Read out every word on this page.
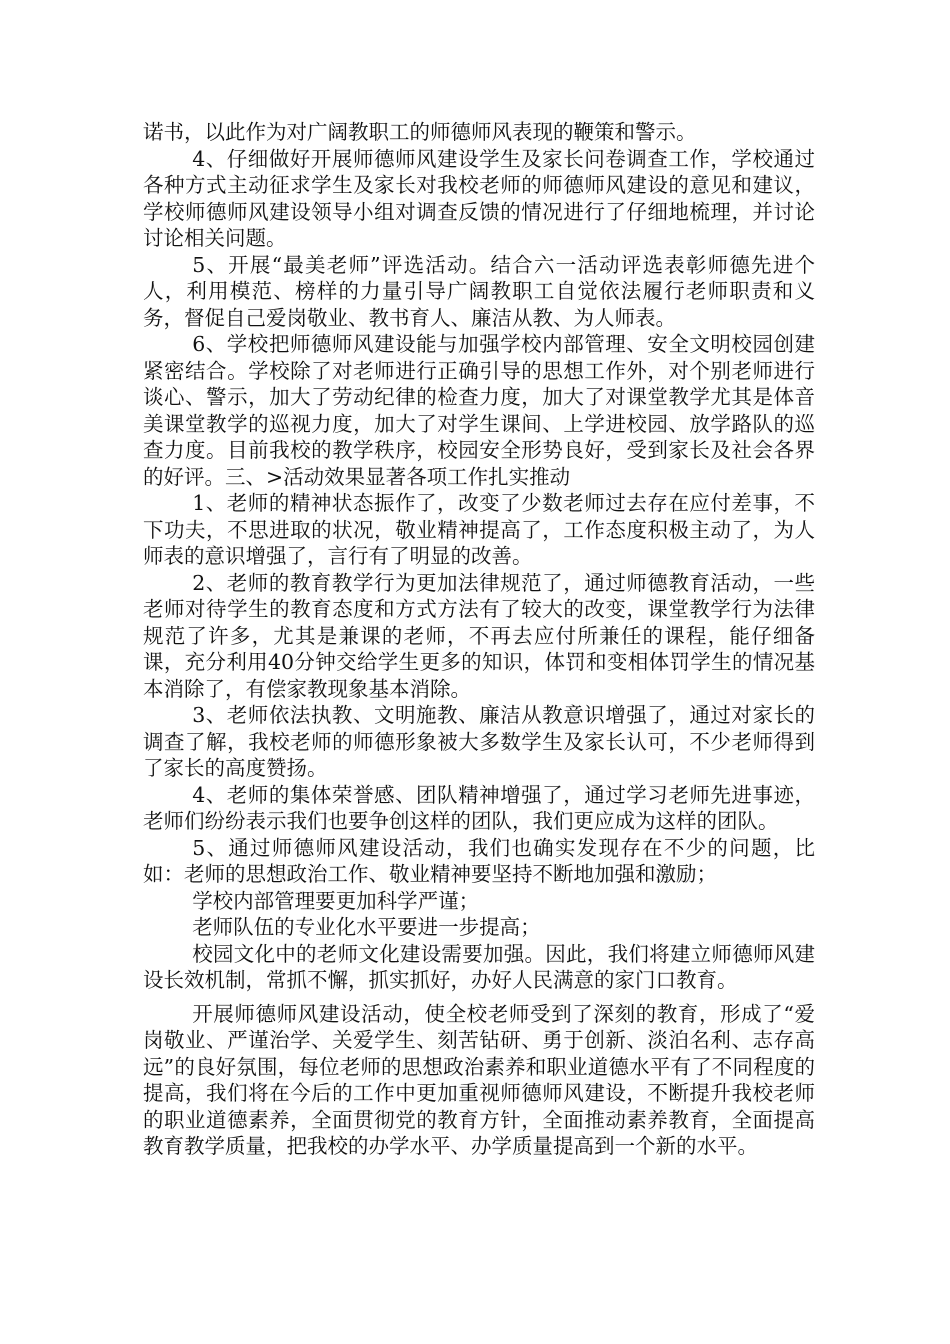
诺书，以此作为对广阔教职工的师德师风表现的鞭策和警示。

4、仔细做好开展师德师风建设学生及家长问卷调查工作，学校通过各种方式主动征求学生及家长对我校老师的师德师风建设的意见和建议，学校师德师风建设领导小组对调查反馈的情况进行了仔细地梳理，并讨论讨论相关问题。

5、开展“最美老师”评选活动。结合六一活动评选表彰师德先进个人，利用模范、榜样的力量引导广阔教职工自觉依法履行老师职责和义务，督促自己爱岗敬业、教书育人、廉洁从教、为人师表。

6、学校把师德师风建设能与加强学校内部管理、安全文明校园创建紧密结合。学校除了对老师进行正确引导的思想工作外，对个别老师进行谈心、警示，加大了劳动纪律的检查力度，加大了对课堂教学尤其是体音美课堂教学的巡视力度，加大了对学生课间、上学进校园、放学路队的巡查力度。目前我校的教学秩序，校园安全形势良好，受到家长及社会各界的好评。三、>活动效果显著各项工作扎实推动

1、老师的精神状态振作了，改变了少数老师过去存在应付差事，不下功夫，不思进取的状况，敬业精神提高了，工作态度积极主动了，为人师表的意识增强了，言行有了明显的改善。

2、老师的教育教学行为更加法律规范了，通过师德教育活动，一些老师对待学生的教育态度和方式方法有了较大的改变，课堂教学行为法律规范了许多，尤其是兼课的老师，不再去应付所兼任的课程，能仔细备课，充分利用40分钟交给学生更多的知识，体罚和变相体罚学生的情况基本消除了，有偿家教现象基本消除。

3、老师依法执教、文明施教、廉洁从教意识增强了，通过对家长的调查了解，我校老师的师德形象被大多数学生及家长认可，不少老师得到了家长的高度赞扬。

4、老师的集体荣誉感、团队精神增强了，通过学习老师先进事迹，老师们纷纷表示我们也要争创这样的团队，我们更应成为这样的团队。

5、通过师德师风建设活动，我们也确实发现存在不少的问题，比如：老师的思想政治工作、敬业精神要坚持不断地加强和激励；

学校内部管理要更加科学严谨；

老师队伍的专业化水平要进一步提高；

校园文化中的老师文化建设需要加强。因此，我们将建立师德师风建设长效机制，常抓不懈，抓实抓好，办好人民满意的家门口教育。

开展师德师风建设活动，使全校老师受到了深刻的教育，形成了“爱岗敬业、严谨治学、关爱学生、刻苦钻研、勇于创新、淡泊名利、志存高远”的良好氛围，每位老师的思想政治素养和职业道德水平有了不同程度的提高，我们将在今后的工作中更加重视师德师风建设，不断提升我校老师的职业道德素养，全面贯彻党的教育方针，全面推动素养教育，全面提高教育教学质量，把我校的办学水平、办学质量提高到一个新的水平。
